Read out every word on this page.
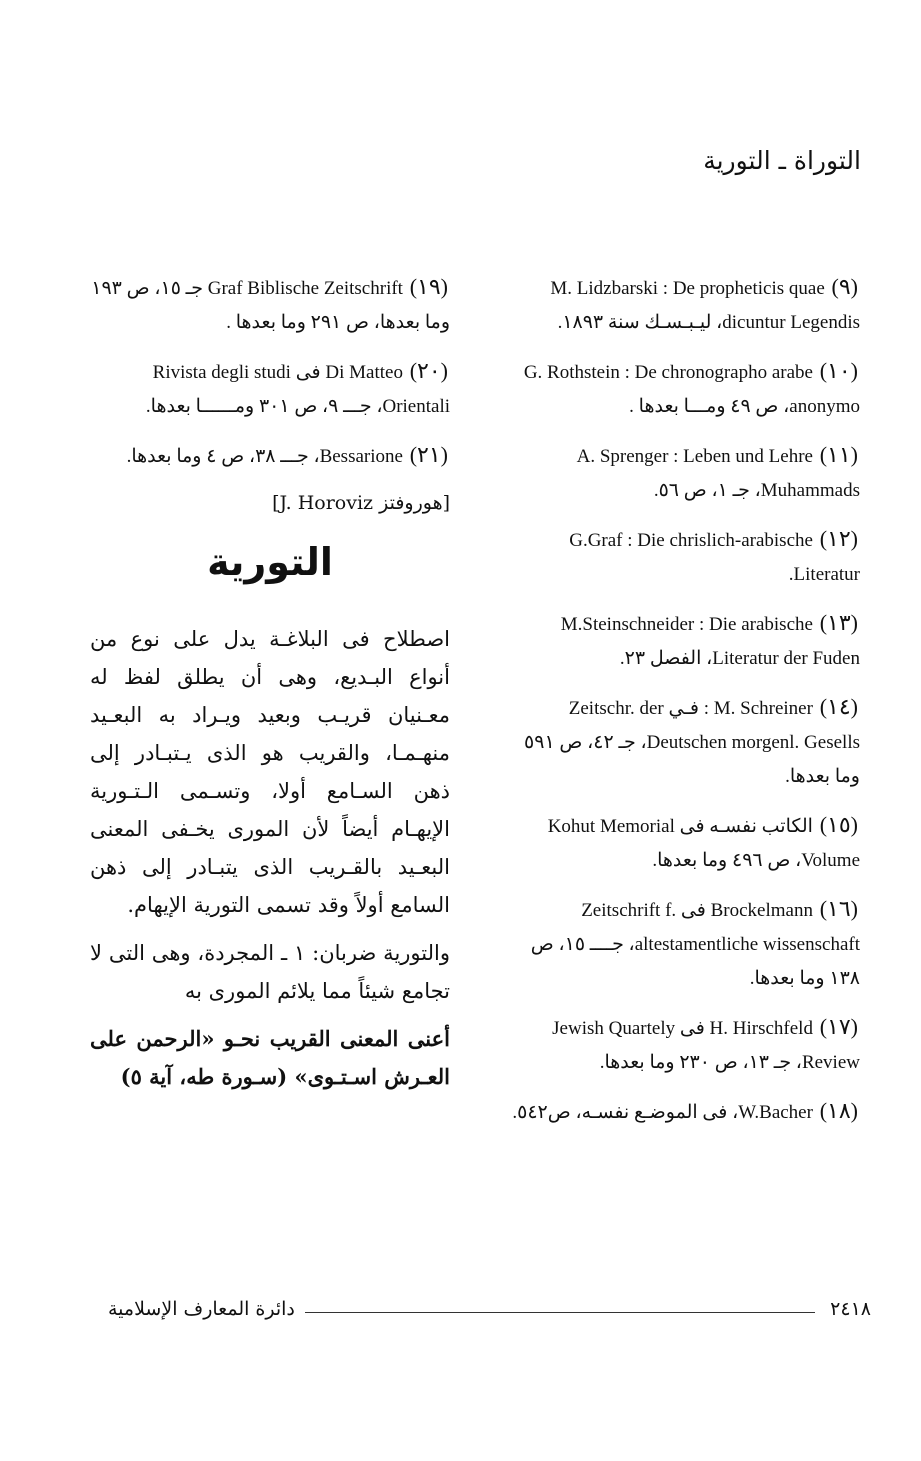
التوراة ـ التورية
(٩) M. Lidzbarski : De propheticis quae dicuntur Legendis، ليـبـسـك سنة ١٨٩٣.
(١٠) G. Rothstein : De chronographo arabe anonymo، ص ٤٩ ومـــا بعدها .
(١١) A. Sprenger : Leben und Lehre Muhammads، جـ ١، ص ٥٦.
(١٢) G.Graf : Die chrislich-arabische Literatur.
(١٣) M.Steinschneider : Die arabische Literatur der Fuden، الفصل ٢٣.
(١٤) M. Schreiner : فـي Zeitschr. der Deutschen morgenl. Gesells، جـ ٤٢، ص ٥٩١ وما بعدها.
(١٥) الكاتب نفسـه فى Kohut Memorial Volume، ص ٤٩٦ وما بعدها.
(١٦) Brockelmann فى Zeitschrift f. altestamentliche wissenschaft، جــــ ١٥، ص ١٣٨ وما بعدها.
(١٧) H. Hirschfeld فى Jewish Quartely Review، جـ ١٣، ص ٢٣٠ وما بعدها.
(١٨) W.Bacher، فى الموضـع نفسـه، ص٥٤٢.
(١٩) Graf Biblische Zeitschrift جـ ١٥، ص ١٩٣ وما بعدها، ص ٢٩١ وما بعدها .
(٢٠) Di Matteo فى Rivista degli studi Orientali، جـــ ٩، ص ٣٠١ ومــــــا بعدها.
(٢١) Bessarione، جـــ ٣٨، ص ٤ وما بعدها.
[هوروفتز J. Horoviz]
التورية

اصطلاح فى البلاغـة يدل على نوع من أنواع البـديع، وهى أن يطلق لفظ له معـنيان قريـب وبعيد ويـراد به البعـيد منهـمـا، والقريب هو الذى يـتبـادر إلى ذهن السـامع أولا، وتسـمى الـتـورية الإيهـام أيضاً لأن المورى يخـفى المعنى البعـيد بالقـريب الذى يتبـادر إلى ذهن السامع أولاً وقد تسمى التورية الإيهام.

والتورية ضربان: ١ ـ المجردة، وهى التى لا تجامع شيئاً مما يلائم المورى به

أعنى المعنى القريب نحـو «الرحمن على العـرش اسـتـوى» (سـورة طه، آية ٥)

٢٤١٨
دائرة المعارف الإسلامية
